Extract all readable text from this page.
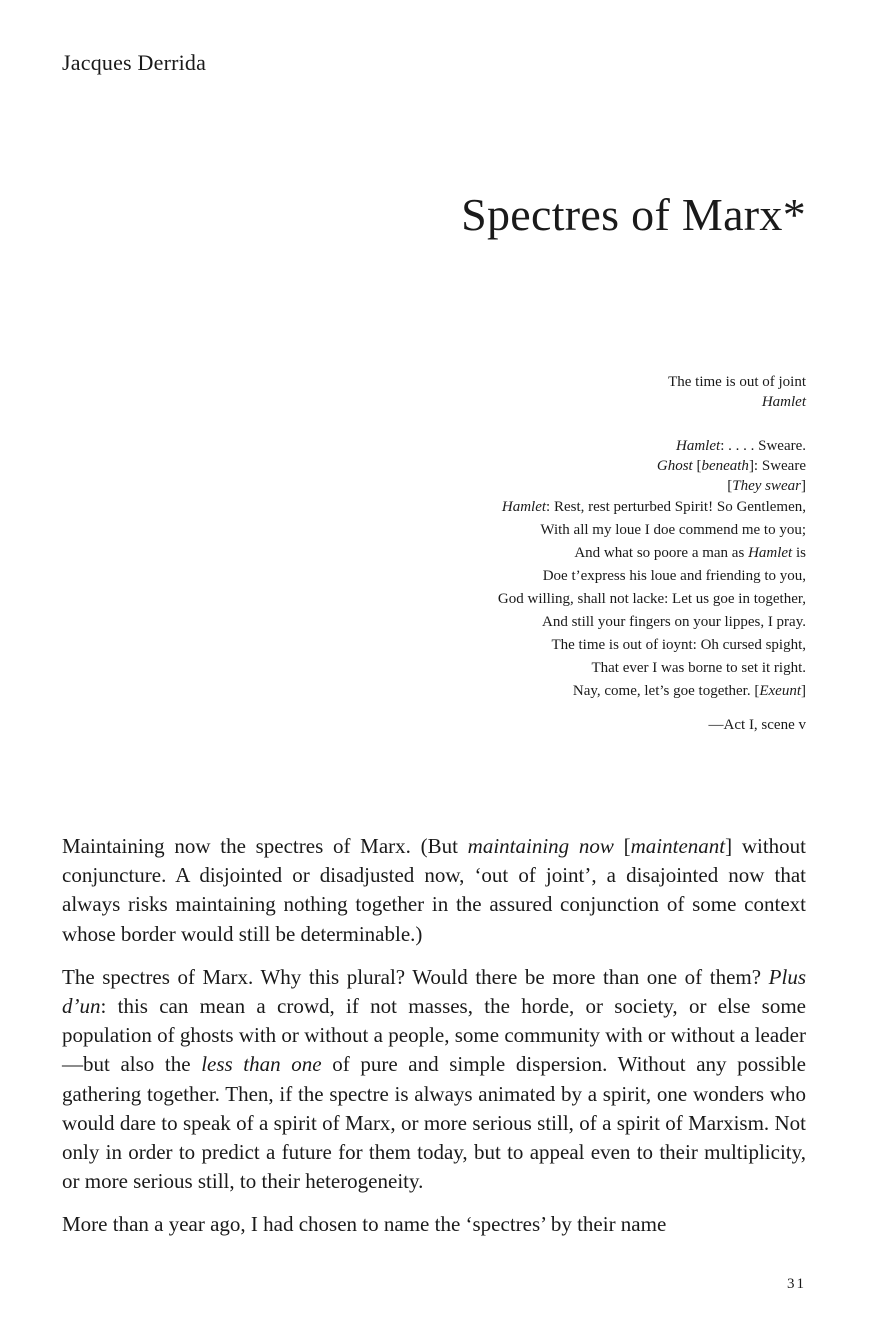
Jacques Derrida
Spectres of Marx*
The time is out of joint
Hamlet
Hamlet: . . . . Sweare.
Ghost [beneath]: Sweare
[They swear]
Hamlet: Rest, rest perturbed Spirit! So Gentlemen,
With all my loue I doe commend me to you;
And what so poore a man as Hamlet is
Doe t’express his loue and friending to you,
God willing, shall not lacke: Let us goe in together,
And still your fingers on your lippes, I pray.
The time is out of ioynt: Oh cursed spight,
That ever I was borne to set it right.
Nay, come, let’s goe together. [Exeunt]
—Act I, scene v

Maintaining now the spectres of Marx. (But maintaining now [maintenant] without conjuncture. A disjointed or disadjusted now, ‘out of joint’, a disajointed now that always risks maintaining nothing together in the assured conjunction of some context whose border would still be determinable.)

The spectres of Marx. Why this plural? Would there be more than one of them? Plus d’un: this can mean a crowd, if not masses, the horde, or society, or else some population of ghosts with or without a people, some community with or without a leader—but also the less than one of pure and simple dispersion. Without any possible gathering together. Then, if the spectre is always animated by a spirit, one wonders who would dare to speak of a spirit of Marx, or more serious still, of a spirit of Marxism. Not only in order to predict a future for them today, but to appeal even to their multiplicity, or more serious still, to their heterogeneity.

More than a year ago, I had chosen to name the ‘spectres’ by their name

31
